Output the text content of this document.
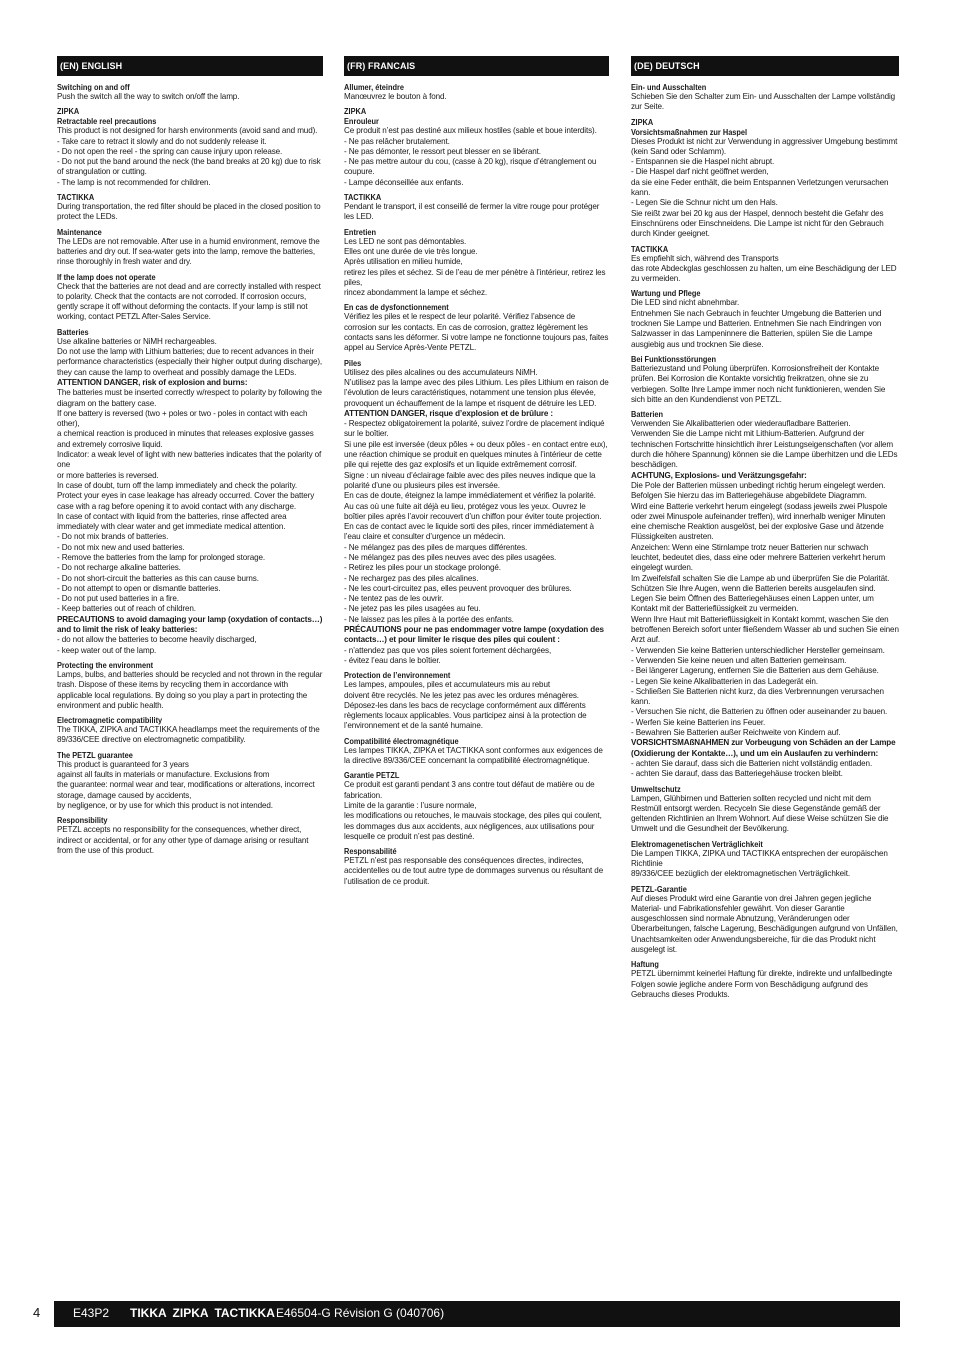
(EN) ENGLISH
Switching on and off
Push the switch all the way to switch on/off the lamp.
ZIPKA
Retractable reel precautions
This product is not designed for harsh environments (avoid sand and mud).
- Take care to retract it slowly and do not suddenly release it.
- Do not open the reel - the spring can cause injury upon release.
- Do not put the band around the neck (the band breaks at 20 kg) due to risk of strangulation or cutting.
- The lamp is not recommended for children.
TACTIKKA
During transportation, the red filter should be placed in the closed position to protect the LEDs.
Maintenance
The LEDs are not removable. After use in a humid environment, remove the batteries and dry out. If sea-water gets into the lamp, remove the batteries, rinse thoroughly in fresh water and dry.
If the lamp does not operate
Check that the batteries are not dead and are correctly installed with respect to polarity. Check that the contacts are not corroded. If corrosion occurs, gently scrape it off without deforming the contacts. If your lamp is still not working, contact PETZL After-Sales Service.
Batteries
Use alkaline batteries or NiMH rechargeables.
Do not use the lamp with Lithium batteries; due to recent advances in their performance characteristics (especially their higher output during discharge), they can cause the lamp to overheat and possibly damage the LEDs.
ATTENTION DANGER, risk of explosion and burns:
The batteries must be inserted correctly w/respect to polarity by following the diagram on the battery case.
If one battery is reversed (two + poles or two - poles in contact with each other),
a chemical reaction is produced in minutes that releases explosive gasses and extremely corrosive liquid.
Indicator: a weak level of light with new batteries indicates that the polarity of one
or more batteries is reversed.
In case of doubt, turn off the lamp immediately and check the polarity. Protect your eyes in case leakage has already occurred. Cover the battery case with a rag before opening it to avoid contact with any discharge.
In case of contact with liquid from the batteries, rinse affected area immediately with clear water and get immediate medical attention.
- Do not mix brands of batteries.
- Do not mix new and used batteries.
- Remove the batteries from the lamp for prolonged storage.
- Do not recharge alkaline batteries.
- Do not short-circuit the batteries as this can cause burns.
- Do not attempt to open or dismantle batteries.
- Do not put used batteries in a fire.
- Keep batteries out of reach of children.
PRECAUTIONS to avoid damaging your lamp (oxydation of contacts…) and to limit the risk of leaky batteries:
- do not allow the batteries to become heavily discharged,
- keep water out of the lamp.
Protecting the environment
Lamps, bulbs, and batteries should be recycled and not thrown in the regular trash. Dispose of these items by recycling them in accordance with applicable local regulations. By doing so you play a part in protecting the environment and public health.
Electromagnetic compatibility
The TIKKA, ZIPKA and TACTIKKA headlamps meet the requirements of the 89/336/CEE directive on electromagnetic compatibility.
The PETZL guarantee
This product is guaranteed for 3 years
against all faults in materials or manufacture. Exclusions from
the guarantee: normal wear and tear, modifications or alterations, incorrect storage, damage caused by accidents,
by negligence, or by use for which this product is not intended.
Responsibility
PETZL accepts no responsibility for the consequences, whether direct, indirect or accidental, or for any other type of damage arising or resultant from the use of this product.
(FR) FRANCAIS
Allumer, éteindre
Manœuvrez le bouton à fond.
ZIPKA
Enrouleur
Ce produit n’est pas destiné aux milieux hostiles (sable et boue interdits).
- Ne pas relâcher brutalement.
- Ne pas démonter, le ressort peut blesser en se libérant.
- Ne pas mettre autour du cou, (casse à 20 kg), risque d’étranglement ou coupure.
- Lampe déconseillée aux enfants.
TACTIKKA
Pendant le transport, il est conseillé de fermer la vitre rouge pour protéger les LED.
Entretien
Les LED ne sont pas démontables.
Elles ont une durée de vie très longue.
Après utilisation en milieu humide,
retirez les piles et séchez. Si de l’eau de mer pénètre à l’intérieur, retirez les piles,
rincez abondamment la lampe et séchez.
En cas de dysfonctionnement
Vérifiez les piles et le respect de leur polarité. Vérifiez l’absence de corrosion sur les contacts. En cas de corrosion, grattez légèrement les contacts sans les déformer. Si votre lampe ne fonctionne toujours pas, faites appel au Service Après-Vente PETZL.
Piles
Utilisez des piles alcalines ou des accumulateurs NiMH.
N’utilisez pas la lampe avec des piles Lithium. Les piles Lithium en raison de l’évolution de leurs caractéristiques, notamment une tension plus élevée, provoquent un échauffement de la lampe et risquent de détruire les LED.
ATTENTION DANGER, risque d’explosion et de brûlure :
- Respectez obligatoirement la polarité, suivez l’ordre de placement indiqué sur le boîtier.
Si une pile est inversée (deux pôles + ou deux pôles - en contact entre eux), une réaction chimique se produit en quelques minutes à l’intérieur de cette pile qui rejette des gaz explosifs et un liquide extrêmement corrosif.
Signe : un niveau d’éclairage faible avec des piles neuves indique que la polarité d’une ou plusieurs piles est inversée.
En cas de doute, éteignez la lampe immédiatement et vérifiez la polarité.
Au cas où une fuite ait déjà eu lieu, protégez vous les yeux. Ouvrez le boîtier piles après l’avoir recouvert d’un chiffon pour éviter toute projection.
En cas de contact avec le liquide sorti des piles, rincer immédiatement à l’eau claire et consulter d’urgence un médecin.
- Ne mélangez pas des piles de marques différentes.
- Ne mélangez pas des piles neuves avec des piles usagées.
- Retirez les piles pour un stockage prolongé.
- Ne rechargez pas des piles alcalines.
- Ne les court-circuitez pas, elles peuvent provoquer des brûlures.
- Ne tentez pas de les ouvrir.
- Ne jetez pas les piles usagées au feu.
- Ne laissez pas les piles à la portée des enfants.
PRÉCAUTIONS pour ne pas endommager votre lampe (oxydation des contacts…) et pour limiter le risque des piles qui coulent :
- n’attendez pas que vos piles soient fortement déchargées,
- évitez l’eau dans le boîtier.
Protection de l’environnement
Les lampes, ampoules, piles et accumulateurs mis au rebut
doivent être recyclés. Ne les jetez pas avec les ordures ménagères. Déposez-les dans les bacs de recyclage conformément aux différents règlements locaux applicables. Vous participez ainsi à la protection de l’environnement et de la santé humaine.
Compatibilité électromagnétique
Les lampes TIKKA, ZIPKA et TACTIKKA sont conformes aux exigences de la directive 89/336/CEE concernant la compatibilité électromagnétique.
Garantie PETZL
Ce produit est garanti pendant 3 ans contre tout défaut de matière ou de fabrication.
Limite de la garantie : l’usure normale,
les modifications ou retouches, le mauvais stockage, des piles qui coulent, les dommages dus aux accidents, aux négligences, aux utilisations pour lesquelle ce produit n’est pas destiné.
Responsabilité
PETZL n’est pas responsable des conséquences directes, indirectes, accidentelles ou de tout autre type de dommages survenus ou résultant de l’utilisation de ce produit.
(DE) DEUTSCH
Ein- und Ausschalten
Schieben Sie den Schalter zum Ein- und Ausschalten der Lampe vollständig zur Seite.
ZIPKA
Vorsichtsmaßnahmen zur Haspel
Dieses Produkt ist nicht zur Verwendung in aggressiver Umgebung bestimmt (kein Sand oder Schlamm).
- Entspannen sie die Haspel nicht abrupt.
- Die Haspel darf nicht geöffnet werden,
da sie eine Feder enthält, die beim Entspannen Verletzungen verursachen kann.
- Legen Sie die Schnur nicht um den Hals.
Sie reißt zwar bei 20 kg aus der Haspel, dennoch besteht die Gefahr des Einschnürens oder Einschneidens. Die Lampe ist nicht für den Gebrauch durch Kinder geeignet.
TACTIKKA
Es empfiehlt sich, während des Transports
das rote Abdeckglas geschlossen zu halten, um eine Beschädigung der LED zu vermeiden.
Wartung und Pflege
Die LED sind nicht abnehmbar.
Entnehmen Sie nach Gebrauch in feuchter Umgebung die Batterien und trocknen Sie Lampe und Batterien. Entnehmen Sie nach Eindringen von Salzwasser in das Lampeninnere die Batterien, spülen Sie die Lampe ausgiebig aus und trocknen Sie diese.
Bei Funktionsstörungen
Batteriezustand und Polung überprüfen. Korrosionsfreiheit der Kontakte prüfen. Bei Korrosion die Kontakte vorsichtig freikratzen, ohne sie zu verbiegen. Sollte Ihre Lampe immer noch nicht funktionieren, wenden Sie sich bitte an den Kundendienst von PETZL.
Batterien
Verwenden Sie Alkalibatterien oder wiederaufladbare Batterien.
Verwenden Sie die Lampe nicht mit Lithium-Batterien. Aufgrund der technischen Fortschritte hinsichtlich ihrer Leistungseigenschaften (vor allem durch die höhere Spannung) können sie die Lampe überhitzen und die LEDs beschädigen.
ACHTUNG, Explosions- und Verätzungsgefahr:
Die Pole der Batterien müssen unbedingt richtig herum eingelegt werden. Befolgen Sie hierzu das im Batteriegehäuse abgebildete Diagramm.
Wird eine Batterie verkehrt herum eingelegt (sodass jeweils zwei Pluspole oder zwei Minuspole aufeinander treffen), wird innerhalb weniger Minuten eine chemische Reaktion ausgelöst, bei der explosive Gase und ätzende Flüssigkeiten austreten.
Anzeichen: Wenn eine Stirnlampe trotz neuer Batterien nur schwach leuchtet, bedeutet dies, dass eine oder mehrere Batterien verkehrt herum eingelegt wurden.
Im Zweifelsfall schalten Sie die Lampe ab und überprüfen Sie die Polarität.
Schützen Sie Ihre Augen, wenn die Batterien bereits ausgelaufen sind. Legen Sie beim Öffnen des Batteriegehäuses einen Lappen unter, um Kontakt mit der Batterieflüssigkeit zu vermeiden.
Wenn Ihre Haut mit Batterieflüssigkeit in Kontakt kommt, waschen Sie den betroffenen Bereich sofort unter fließendem Wasser ab und suchen Sie einen Arzt auf.
- Verwenden Sie keine Batterien unterschiedlicher Hersteller gemeinsam.
- Verwenden Sie keine neuen und alten Batterien gemeinsam.
- Bei längerer Lagerung, entfernen Sie die Batterien aus dem Gehäuse.
- Legen Sie keine Alkalibatterien in das Ladegerät ein.
- Schließen Sie Batterien nicht kurz, da dies Verbrennungen verursachen kann.
- Versuchen Sie nicht, die Batterien zu öffnen oder auseinander zu bauen.
- Werfen Sie keine Batterien ins Feuer.
- Bewahren Sie Batterien außer Reichweite von Kindern auf.
VORSICHTSMAßNAHMEN zur Vorbeugung von Schäden an der Lampe (Oxidierung der Kontakte…), und um ein Auslaufen zu verhindern:
- achten Sie darauf, dass sich die Batterien nicht vollständig entladen.
- achten Sie darauf, dass das Batteriegehäuse trocken bleibt.
Umweltschutz
Lampen, Glühbirnen und Batterien sollten recycled und nicht mit dem Restmüll entsorgt werden. Recyceln Sie diese Gegenstände gemäß der geltenden Richtlinien an Ihrem Wohnort. Auf diese Weise schützen Sie die Umwelt und die Gesundheit der Bevölkerung.
Elektromagenetischen Verträglichkeit
Die Lampen TIKKA, ZIPKA und TACTIKKA entsprechen der europäischen Richtlinie
89/336/CEE bezüglich der elektromagnetischen Verträglichkeit.
PETZL-Garantie
Auf dieses Produkt wird eine Garantie von drei Jahren gegen jegliche Material- und Fabrikationsfehler gewährt. Von dieser Garantie ausgeschlossen sind normale Abnutzung, Veränderungen oder Überarbeitungen, falsche Lagerung, Beschädigungen aufgrund von Unfällen, Unachtsamkeiten oder Anwendungsbereiche, für die das Produkt nicht ausgelegt ist.
Haftung
PETZL übernimmt keinerlei Haftung für direkte, indirekte und unfallbedingte Folgen sowie jegliche andere Form von Beschädigung aufgrund des Gebrauchs dieses Produkts.
4	E43P2 TIKKA ZIPKA TACTIKKA E46504-G Révision G (040706)
